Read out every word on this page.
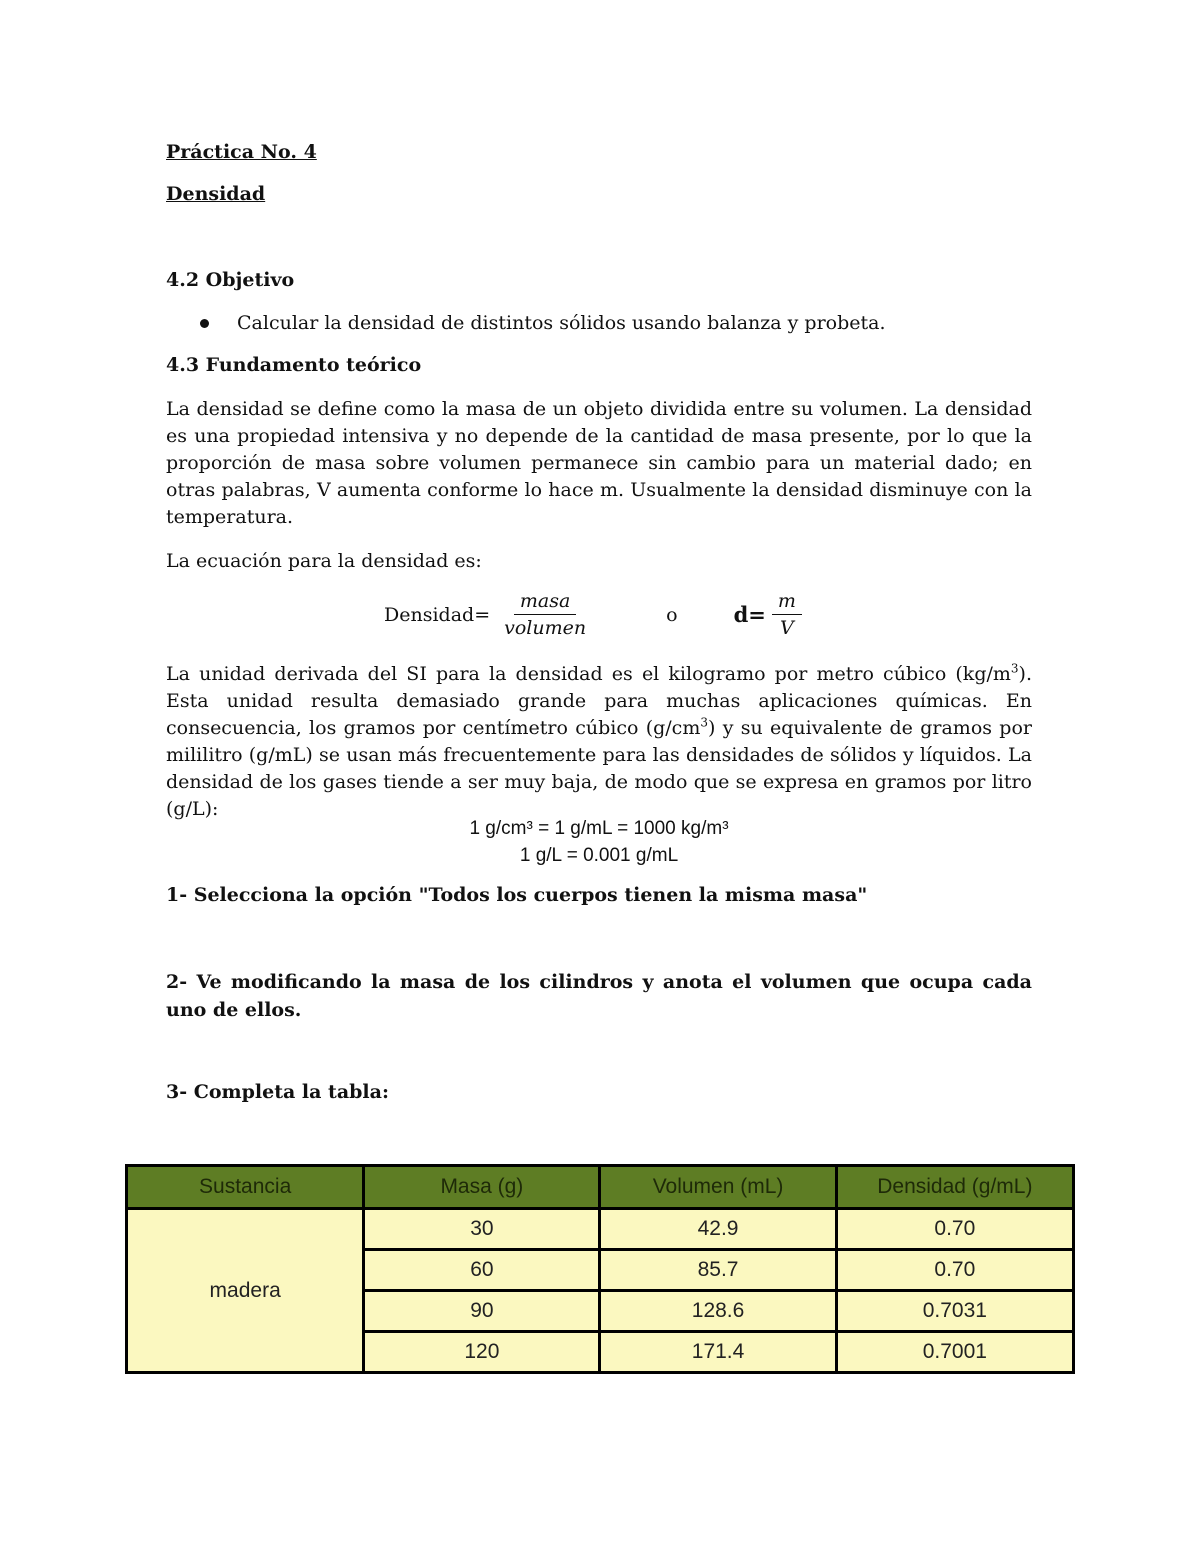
Práctica No. 4
Densidad
4.2 Objetivo
Calcular la densidad de distintos sólidos usando balanza y probeta.
4.3 Fundamento teórico
La densidad se define como la masa de un objeto dividida entre su volumen. La densidad es una propiedad intensiva y no depende de la cantidad de masa presente, por lo que la proporción de masa sobre volumen permanece sin cambio para un material dado; en otras palabras, V aumenta conforme lo hace m. Usualmente la densidad disminuye con la temperatura.
La ecuación para la densidad es:
Densidad= $\frac{\text{masa}}{\text{volumen}}$	o	$d= \frac{m}{V}$
La unidad derivada del SI para la densidad es el kilogramo por metro cúbico $(kg/m^3)$. Esta unidad resulta demasiado grande para muchas aplicaciones químicas. En consecuencia, los gramos por centímetro cúbico $(g/cm^3)$ y su equivalente de gramos por mililitro (g/mL) se usan más frecuentemente para las densidades de sólidos y líquidos. La densidad de los gases tiende a ser muy baja, de modo que se expresa en gramos por litro (g/L):
1 g/cm³ = 1 g/mL = 1000 kg/m³
1 g/L = 0.001 g/mL
1- Selecciona la opción "Todos los cuerpos tienen la misma masa"
2- Ve modificando la masa de los cilindros y anota el volumen que ocupa cada uno de ellos.
3- Completa la tabla:
Sustancia	Masa (g)	Volumen (mL)	Densidad (g/mL)
madera	30	42.9	0.70
	60	85.7	0.70
	90	128.6	0.7031
	120	171.4	0.7001
